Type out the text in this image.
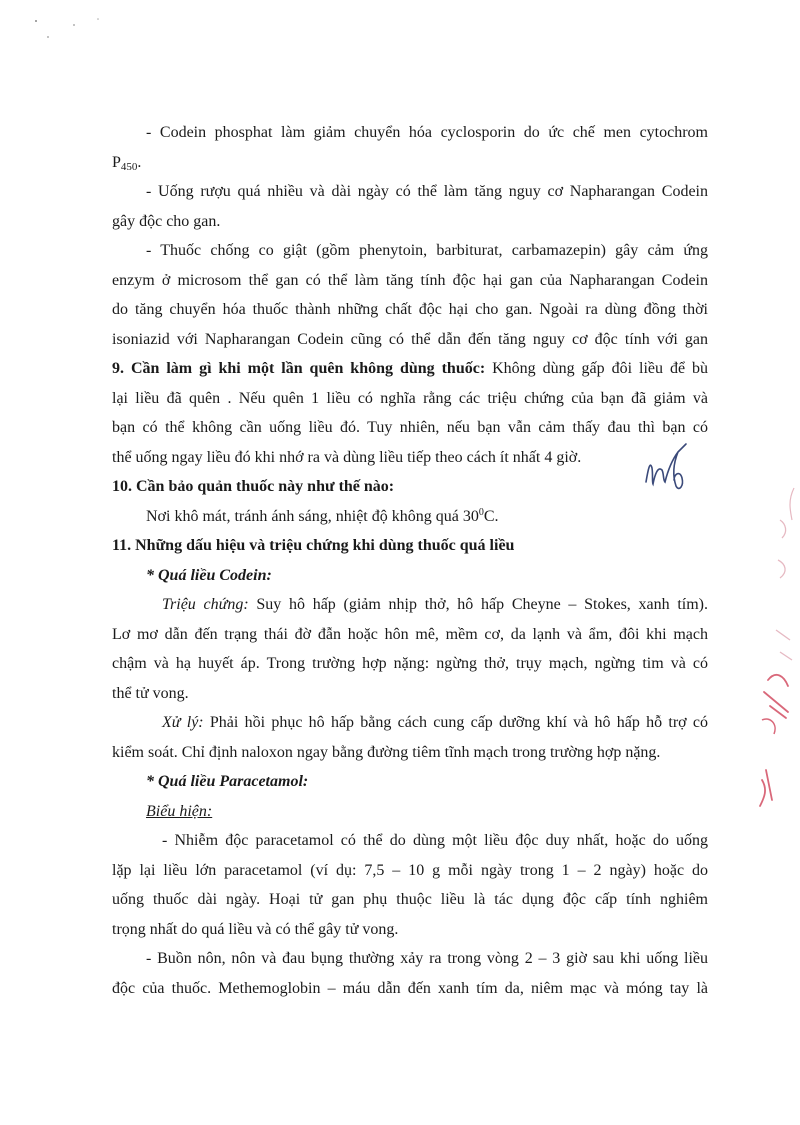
- Codein phosphat làm giảm chuyển hóa cyclosporin do ức chế men cytochrom
$P_{450}$.
- Uống rượu quá nhiều và dài ngày có thể làm tăng nguy cơ Napharangan Codein
gây độc cho gan.
- Thuốc chống co giật (gồm phenytoin, barbiturat, carbamazepin) gây cảm ứng
enzym ở microsom thể gan có thể làm tăng tính độc hại gan của Napharangan Codein
do tăng chuyển hóa thuốc thành những chất độc hại cho gan. Ngoài ra dùng đồng thời
isoniazid với Napharangan Codein cũng có thể dẫn đến tăng nguy cơ độc tính với gan
9. Cần làm gì khi một lần quên không dùng thuốc: Không dùng gấp đôi liều để bù
lại liều đã quên . Nếu quên 1 liều có nghĩa rằng các triệu chứng của bạn đã giảm và
bạn có thể không cần uống liều đó. Tuy nhiên, nếu bạn vẫn cảm thấy đau thì bạn có
thể uống ngay liều đó khi nhớ ra và dùng liều tiếp theo cách ít nhất 4 giờ.
10. Cần bảo quản thuốc này như thế nào:
Nơi khô mát, tránh ánh sáng, nhiệt độ không quá $30^0C$.
11. Những dấu hiệu và triệu chứng khi dùng thuốc quá liều
* Quá liều Codein:
Triệu chứng: Suy hô hấp (giảm nhịp thở, hô hấp Cheyne – Stokes, xanh tím).
Lơ mơ dẫn đến trạng thái đờ đẫn hoặc hôn mê, mềm cơ, da lạnh và ẩm, đôi khi mạch
chậm và hạ huyết áp. Trong trường hợp nặng: ngừng thở, trụy mạch, ngừng tim và có
thể tử vong.
Xử lý: Phải hồi phục hô hấp bằng cách cung cấp dưỡng khí và hô hấp hỗ trợ có
kiểm soát. Chỉ định naloxon ngay bằng đường tiêm tĩnh mạch trong trường hợp nặng.
* Quá liều Paracetamol:
Biểu hiện:
- Nhiễm độc paracetamol có thể do dùng một liều độc duy nhất, hoặc do uống
lặp lại liều lớn paracetamol (ví dụ: 7,5 – 10 g mỗi ngày trong 1 – 2 ngày) hoặc do
uống thuốc dài ngày. Hoại tử gan phụ thuộc liều là tác dụng độc cấp tính nghiêm
trọng nhất do quá liều và có thể gây tử vong.
- Buồn nôn, nôn và đau bụng thường xảy ra trong vòng 2 – 3 giờ sau khi uống liều
độc của thuốc. Methemoglobin – máu dẫn đến xanh tím da, niêm mạc và móng tay là
